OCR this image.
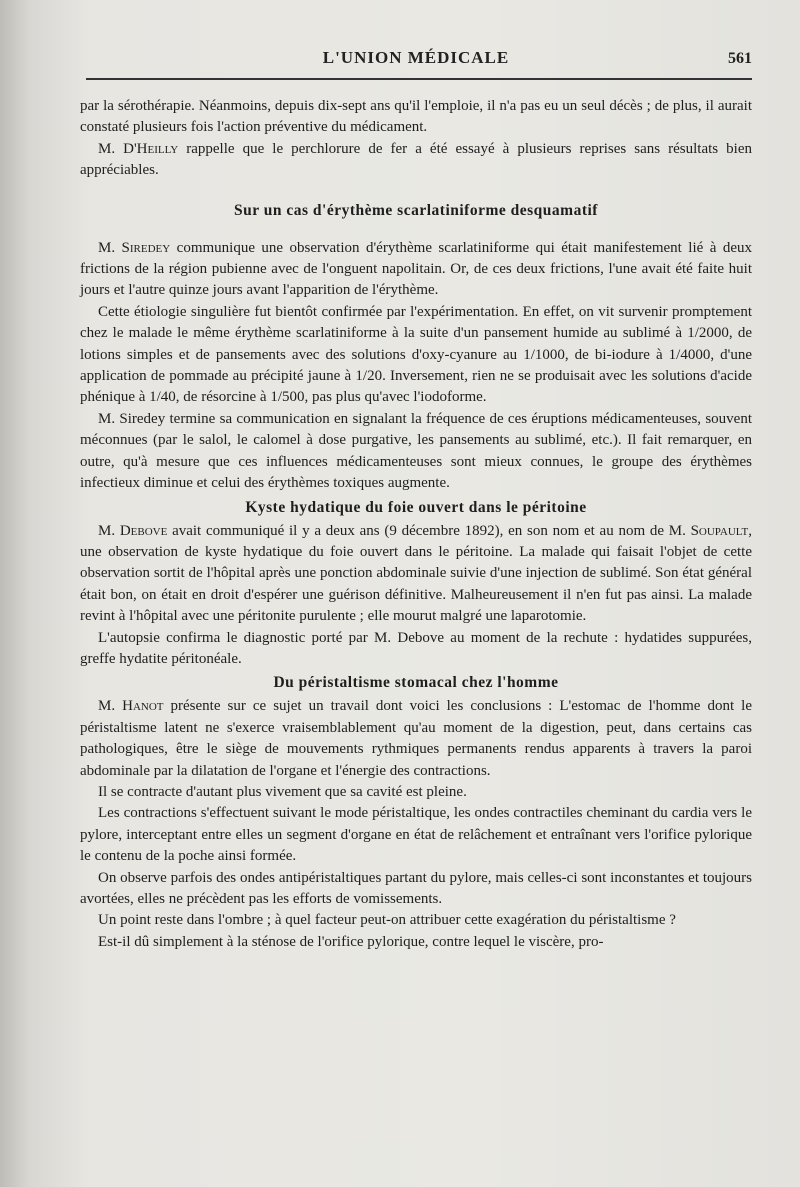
L'UNION MÉDICALE	561

par la sérothérapie. Néanmoins, depuis dix-sept ans qu'il l'emploie, il n'a pas eu un seul décès ; de plus, il aurait constaté plusieurs fois l'action préventive du médicament.

M. D'Heilly rappelle que le perchlorure de fer a été essayé à plusieurs reprises sans résultats bien appréciables.

Sur un cas d'érythème scarlatiniforme desquamatif

M. Siredey communique une observation d'érythème scarlatiniforme qui était manifestement lié à deux frictions de la région pubienne avec de l'onguent napolitain. Or, de ces deux frictions, l'une avait été faite huit jours et l'autre quinze jours avant l'apparition de l'érythème.

Cette étiologie singulière fut bientôt confirmée par l'expérimentation. En effet, on vit survenir promptement chez le malade le même érythème scarlatiniforme à la suite d'un pansement humide au sublimé à 1/2000, de lotions simples et de pansements avec des solutions d'oxy-cyanure au 1/1000, de bi-iodure à 1/4000, d'une application de pommade au précipité jaune à 1/20. Inversement, rien ne se produisait avec les solutions d'acide phénique à 1/40, de résorcine à 1/500, pas plus qu'avec l'iodoforme.

M. Siredey termine sa communication en signalant la fréquence de ces éruptions médicamenteuses, souvent méconnues (par le salol, le calomel à dose purgative, les pansements au sublimé, etc.). Il fait remarquer, en outre, qu'à mesure que ces influences médicamenteuses sont mieux connues, le groupe des érythèmes infectieux diminue et celui des érythèmes toxiques augmente.

Kyste hydatique du foie ouvert dans le péritoine

M. Debove avait communiqué il y a deux ans (9 décembre 1892), en son nom et au nom de M. Soupault, une observation de kyste hydatique du foie ouvert dans le péritoine. La malade qui faisait l'objet de cette observation sortit de l'hôpital après une ponction abdominale suivie d'une injection de sublimé. Son état général était bon, on était en droit d'espérer une guérison définitive. Malheureusement il n'en fut pas ainsi. La malade revint à l'hôpital avec une péritonite purulente ; elle mourut malgré une laparotomie.

L'autopsie confirma le diagnostic porté par M. Debove au moment de la rechute : hydatides suppurées, greffe hydatite péritonéale.

Du péristaltisme stomacal chez l'homme

M. Hanot présente sur ce sujet un travail dont voici les conclusions : L'estomac de l'homme dont le péristaltisme latent ne s'exerce vraisemblablement qu'au moment de la digestion, peut, dans certains cas pathologiques, être le siège de mouvements rythmiques permanents rendus apparents à travers la paroi abdominale par la dilatation de l'organe et l'énergie des contractions.

Il se contracte d'autant plus vivement que sa cavité est pleine.

Les contractions s'effectuent suivant le mode péristaltique, les ondes contractiles cheminant du cardia vers le pylore, interceptant entre elles un segment d'organe en état de relâchement et entraînant vers l'orifice pylorique le contenu de la poche ainsi formée.

On observe parfois des ondes antipéristaltiques partant du pylore, mais celles-ci sont inconstantes et toujours avortées, elles ne précèdent pas les efforts de vomissements.

Un point reste dans l'ombre ; à quel facteur peut-on attribuer cette exagération du péristaltisme ?

Est-il dû simplement à la sténose de l'orifice pylorique, contre lequel le viscère, pro-
